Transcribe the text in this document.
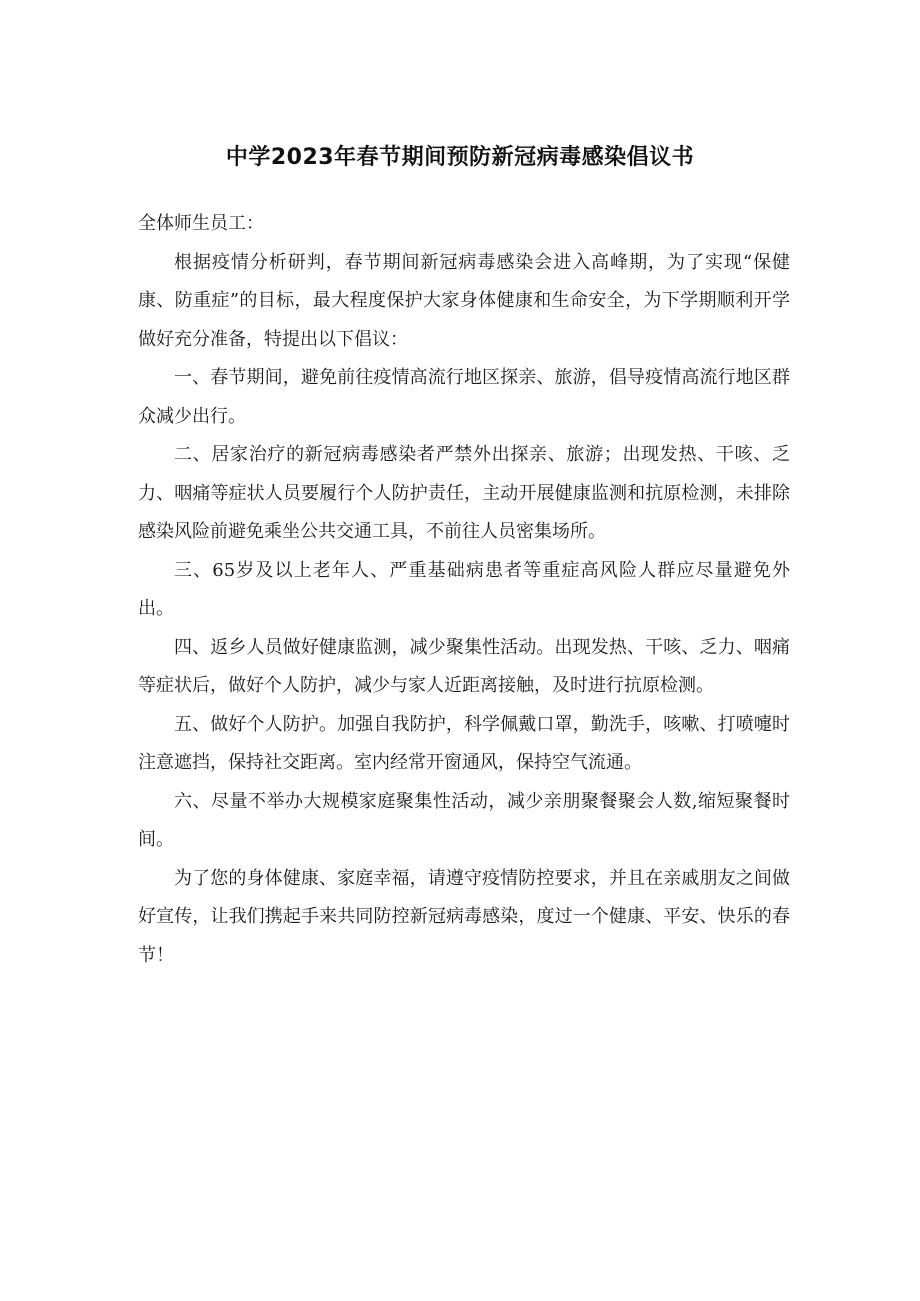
中学2023年春节期间预防新冠病毒感染倡议书

全体师生员工：

根据疫情分析研判，春节期间新冠病毒感染会进入高峰期，为了实现“保健康、防重症”的目标，最大程度保护大家身体健康和生命安全，为下学期顺利开学做好充分准备，特提出以下倡议：

一、春节期间，避免前往疫情高流行地区探亲、旅游，倡导疫情高流行地区群众减少出行。

二、居家治疗的新冠病毒感染者严禁外出探亲、旅游；出现发热、干咳、乏力、咽痛等症状人员要履行个人防护责任，主动开展健康监测和抗原检测，未排除感染风险前避免乘坐公共交通工具，不前往人员密集场所。

三、65岁及以上老年人、严重基础病患者等重症高风险人群应尽量避免外出。

四、返乡人员做好健康监测，减少聚集性活动。出现发热、干咳、乏力、咽痛等症状后，做好个人防护，减少与家人近距离接触，及时进行抗原检测。

五、做好个人防护。加强自我防护，科学佩戴口罩，勤洗手，咳嗽、打喷嚏时注意遮挡，保持社交距离。室内经常开窗通风，保持空气流通。

六、尽量不举办大规模家庭聚集性活动，减少亲朋聚餐聚会人数,缩短聚餐时间。

为了您的身体健康、家庭幸福，请遵守疫情防控要求，并且在亲戚朋友之间做好宣传，让我们携起手来共同防控新冠病毒感染，度过一个健康、平安、快乐的春节！
